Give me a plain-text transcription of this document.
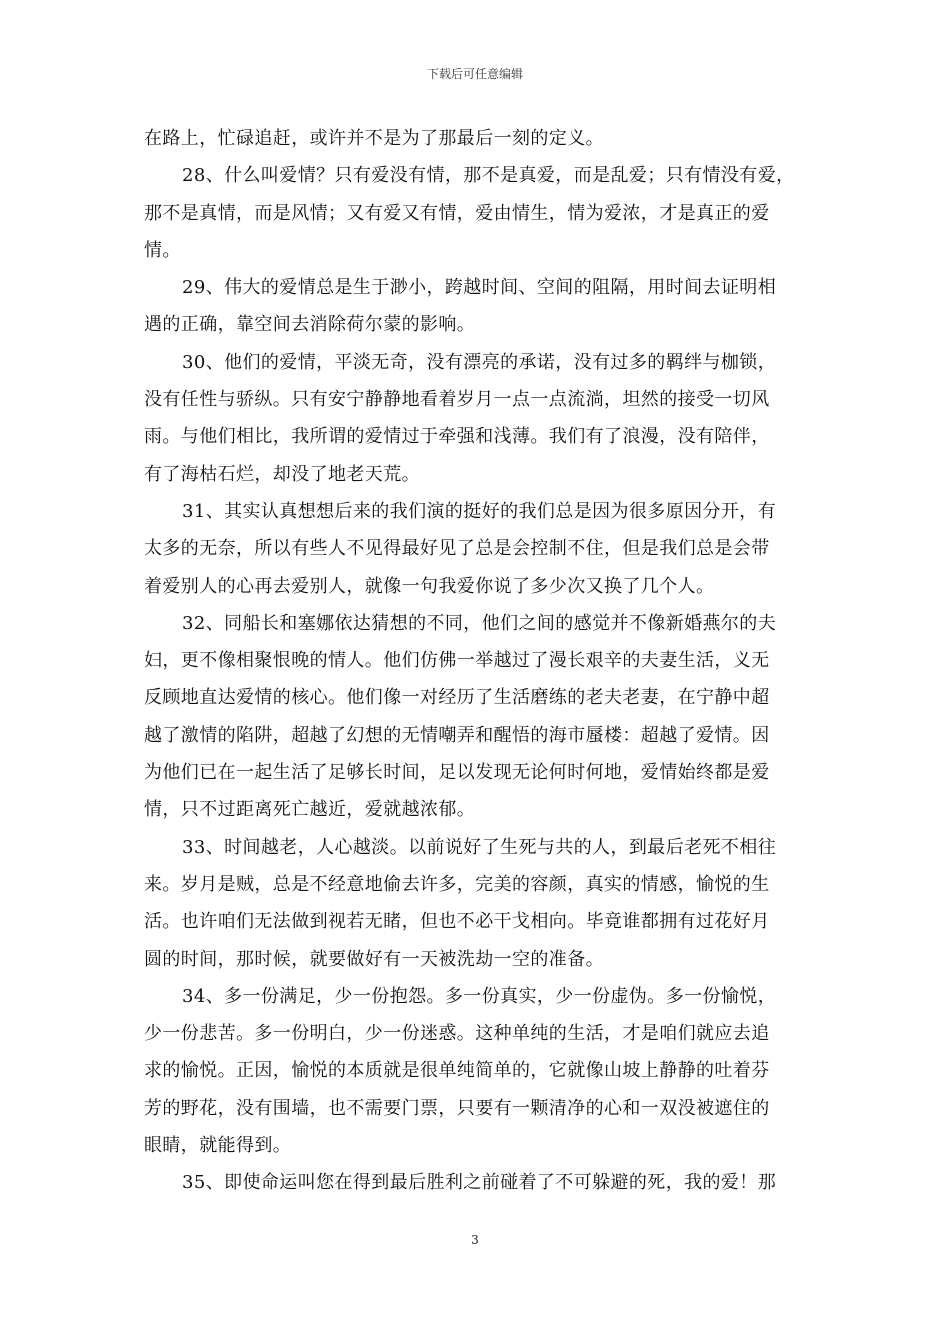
下载后可任意编辑

在路上，忙碌追赶，或许并不是为了那最后一刻的定义。

28、什么叫爱情？只有爱没有情，那不是真爱，而是乱爱；只有情没有爱，
那不是真情，而是风情；又有爱又有情，爱由情生，情为爱浓，才是真正的爱
情。

29、伟大的爱情总是生于渺小，跨越时间、空间的阻隔，用时间去证明相
遇的正确，靠空间去消除荷尔蒙的影响。

30、他们的爱情，平淡无奇，没有漂亮的承诺，没有过多的羁绊与枷锁，
没有任性与骄纵。只有安宁静静地看着岁月一点一点流淌，坦然的接受一切风
雨。与他们相比，我所谓的爱情过于牵强和浅薄。我们有了浪漫，没有陪伴，
有了海枯石烂，却没了地老天荒。

31、其实认真想想后来的我们演的挺好的我们总是因为很多原因分开，有
太多的无奈，所以有些人不见得最好见了总是会控制不住，但是我们总是会带
着爱别人的心再去爱别人，就像一句我爱你说了多少次又换了几个人。

32、同船长和塞娜依达猜想的不同，他们之间的感觉并不像新婚燕尔的夫
妇，更不像相聚恨晚的情人。他们仿佛一举越过了漫长艰辛的夫妻生活，义无
反顾地直达爱情的核心。他们像一对经历了生活磨练的老夫老妻，在宁静中超
越了激情的陷阱，超越了幻想的无情嘲弄和醒悟的海市蜃楼：超越了爱情。因
为他们已在一起生活了足够长时间，足以发现无论何时何地，爱情始终都是爱
情，只不过距离死亡越近，爱就越浓郁。

33、时间越老，人心越淡。以前说好了生死与共的人，到最后老死不相往
来。岁月是贼，总是不经意地偷去许多，完美的容颜，真实的情感，愉悦的生
活。也许咱们无法做到视若无睹，但也不必干戈相向。毕竟谁都拥有过花好月
圆的时间，那时候，就要做好有一天被洗劫一空的准备。

34、多一份满足，少一份抱怨。多一份真实，少一份虚伪。多一份愉悦，
少一份悲苦。多一份明白，少一份迷惑。这种单纯的生活，才是咱们就应去追
求的愉悦。正因，愉悦的本质就是很单纯简单的，它就像山坡上静静的吐着芬
芳的野花，没有围墙，也不需要门票，只要有一颗清净的心和一双没被遮住的
眼睛，就能得到。

35、即使命运叫您在得到最后胜利之前碰着了不可躲避的死，我的爱！那

3
